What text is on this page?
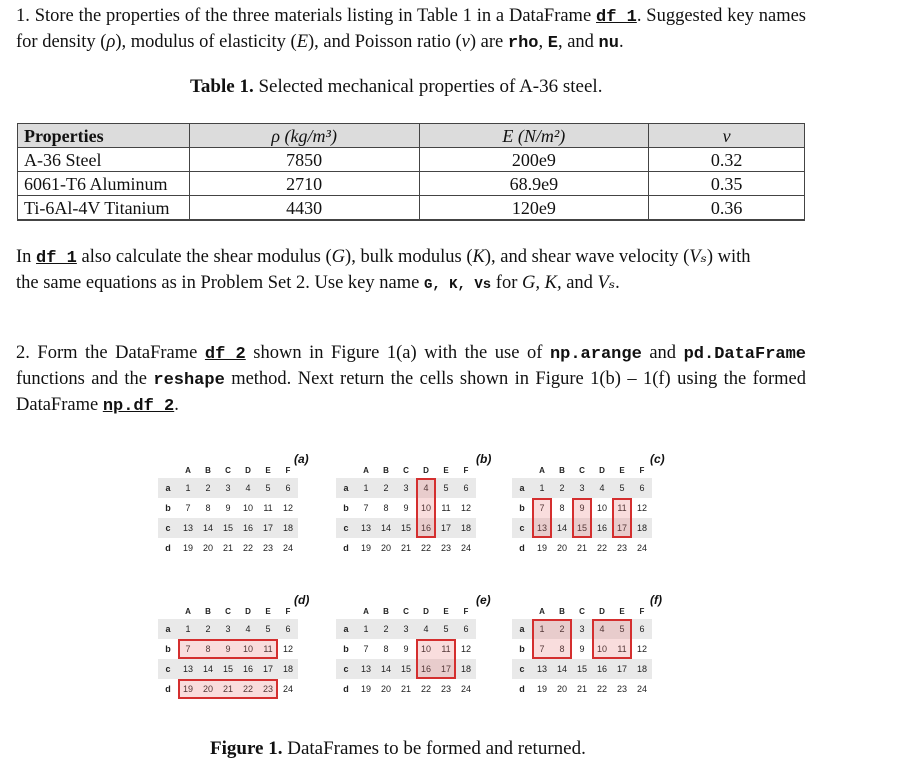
1. Store the properties of the three materials listing in Table 1 in a DataFrame df_1. Suggested key names for density (ρ), modulus of elasticity (E), and Poisson ratio (ν) are rho, E, and nu.
Table 1. Selected mechanical properties of A-36 steel.
Properties	ρ (kg/m³)	E (N/m²)	ν
A-36 Steel	7850	200e9	0.32
6061-T6 Aluminum	2710	68.9e9	0.35
Ti-6Al-4V Titanium	4430	120e9	0.36
In df_1 also calculate the shear modulus (G), bulk modulus (K), and shear wave velocity (Vₛ) with
the same equations as in Problem Set 2. Use key name G, K, Vs for G, K, and Vₛ.
2. Form the DataFrame df_2 shown in Figure 1(a) with the use of np.arange and pd.DataFrame functions and the reshape method. Next return the cells shown in Figure 1(b) – 1(f) using the formed DataFrame np.df_2.
A	B	C	D	E	F
a	1	2	3	4	5	6
b	7	8	9	10	11	12
c	13	14	15	16	17	18
d	19	20	21	22	23	24
(a)
A	B	C	D	E	F
a	1	2	3	4	5	6
b	7	8	9	10	11	12
c	13	14	15	16	17	18
d	19	20	21	22	23	24
(b)
A	B	C	D	E	F
a	1	2	3	4	5	6
b	7	8	9	10	11	12
c	13	14	15	16	17	18
d	19	20	21	22	23	24
(c)
A	B	C	D	E	F
a	1	2	3	4	5	6
b	7	8	9	10	11	12
c	13	14	15	16	17	18
d	19	20	21	22	23	24
(d)
A	B	C	D	E	F
a	1	2	3	4	5	6
b	7	8	9	10	11	12
c	13	14	15	16	17	18
d	19	20	21	22	23	24
(e)
A	B	C	D	E	F
a	1	2	3	4	5	6
b	7	8	9	10	11	12
c	13	14	15	16	17	18
d	19	20	21	22	23	24
(f)
Figure 1. DataFrames to be formed and returned.
